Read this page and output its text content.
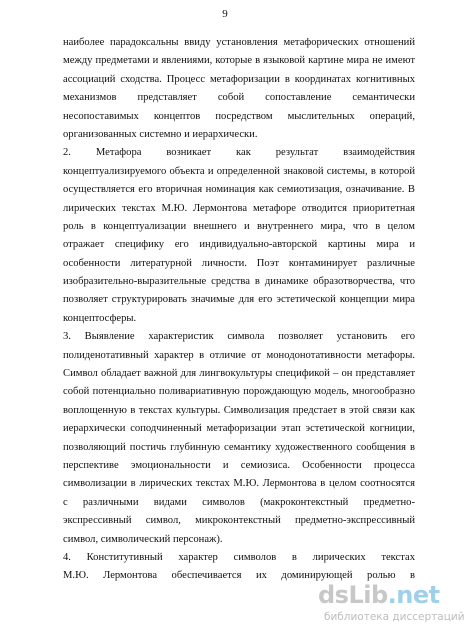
9
наиболее парадоксальны ввиду установления метафорических отношений
между предметами и явлениями, которые в языковой картине мира не имеют
ассоциаций сходства. Процесс метафоризации в координатах когнитивных
механизмов представляет собой сопоставление семантически
несопоставимых концептов посредством мыслительных операций,
организованных системно и иерархически.
2. Метафора возникает как результат взаимодействия
концептуализируемого объекта и определенной знаковой системы, в которой
осуществляется его вторичная номинация как семиотизация, означивание. В
лирических текстах М.Ю. Лермонтова метафоре отводится приоритетная
роль в концептуализации внешнего и внутреннего мира, что в целом
отражает специфику его индивидуально-авторской картины мира и
особенности литературной личности. Поэт контаминирует различные
изобразительно-выразительные средства в динамике образотворчества, что
позволяет структурировать значимые для его эстетической концепции мира
концептосферы.
3. Выявление характеристик символа позволяет установить его
полиденотативный характер в отличие от монодонотативности метафоры.
Символ обладает важной для лингвокультуры спецификой – он представляет
собой потенциально поливариативную порождающую модель, многообразно
воплощенную в текстах культуры. Символизация предстает в этой связи как
иерархически соподчиненный метафоризации этап эстетической когниции,
позволяющий постичь глубинную семантику художественного сообщения в
перспективе эмоциональности и семиозиса. Особенности процесса
символизации в лирических текстах М.Ю. Лермонтова в целом соотносятся
с различными видами символов (макроконтекстный предметно-
экспрессивный символ, микроконтекстный предметно-экспрессивный
символ, символический персонаж).
4. Конститутивный характер символов в лирических текстах
М.Ю. Лермонтова обеспечивается их доминирующей ролью в
dsLib.net
библиотека диссертаций
